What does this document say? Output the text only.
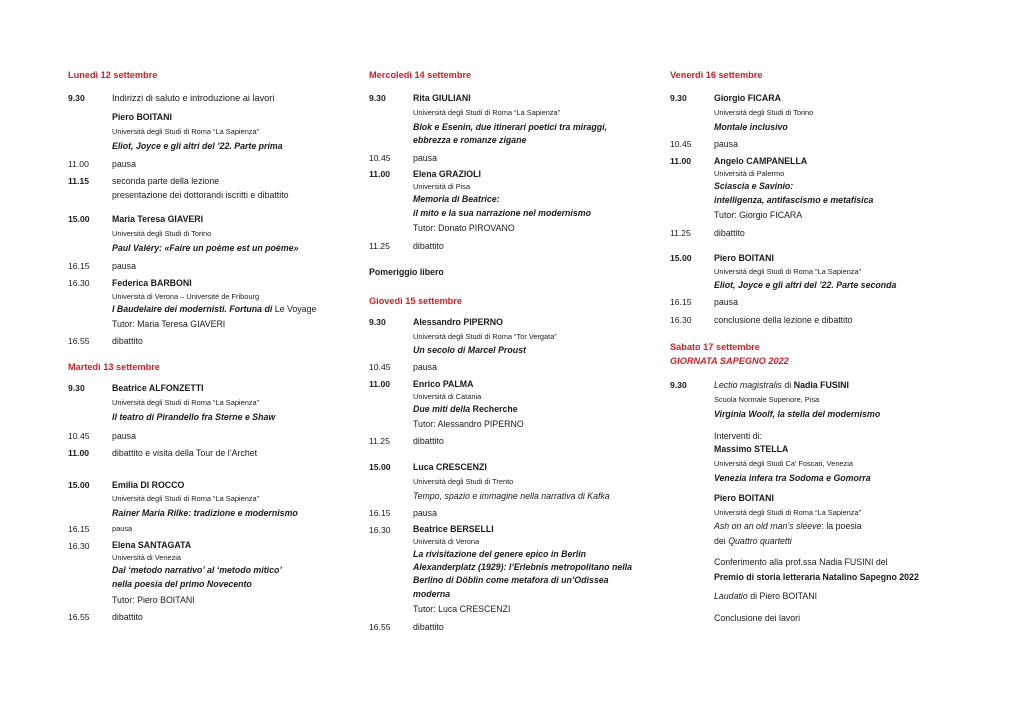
Lunedì 12 settembre
9.30	Indirizzi di saluto e introduzione ai lavori
Piero BOITANI
Università degli Studi di Roma “La Sapienza”
Eliot, Joyce e gli altri del ’22. Parte prima
11.00	pausa
11.15	seconda parte della lezione
presentazione dei dottorandi iscritti e dibattito
15.00	Maria Teresa GIAVERI
Università degli Studi di Torino
Paul Valéry: «Faire un poème est un poème»
16.15	pausa
16.30	Federica BARBONI
Università di Verona – Université de Fribourg
I Baudelaire dei modernisti. Fortuna di Le Voyage
Tutor: Maria Teresa GIAVERI
16.55	dibattito
Martedì 13 settembre
9.30	Beatrice ALFONZETTI
Università degli Studi di Roma “La Sapienza”
Il teatro di Pirandello fra Sterne e Shaw
10.45	pausa
11.00	dibattito e visita della Tour de l’Archet
15.00	Emilia DI ROCCO
Università degli Studi di Roma “La Sapienza”
Rainer Maria Rilke: tradizione e modernismo
16.15	pausa
16.30	Elena SANTAGATA
Università di Venezia
Dal ‘metodo narrativo’ al ‘metodo mitico’
nella poesia del primo Novecento
Tutor: Piero BOITANI
16.55	dibattito
Mercoledì 14 settembre
9.30	Rita GIULIANI
Università degli Studi di Roma “La Sapienza”
Blok e Esenin, due itinerari poetici tra miraggi,
ebbrezza e romanze zigane
10.45	pausa
11.00	Elena GRAZIOLI
Università di Pisa
Memoria di Beatrice:
il mito e la sua narrazione nel modernismo
Tutor: Donato PIROVANO
11.25	dibattito
Pomeriggio libero
Giovedì 15 settembre
9.30	Alessandro PIPERNO
Università degli Studi di Roma “Tor Vergata”
Un secolo di Marcel Proust
10.45	pausa
11.00	Enrico PALMA
Università di Catania
Due miti della Recherche
Tutor: Alessandro PIPERNO
11.25	dibattito
15.00	Luca CRESCENZI
Università degli Studi di Trento
Tempo, spazio e immagine nella narrativa di Kafka
16.15	pausa
16.30	Beatrice BERSELLI
Università di Verona
La rivisitazione del genere epico in Berlin
Alexanderplatz (1929): l’Erlebnis metropolitano nella
Berlino di Döblin come metafora di un’Odissea
moderna
Tutor: Luca CRESCENZI
16.55	dibattito
Venerdì 16 settembre
9.30	Giorgio FICARA
Università degli Studi di Torino
Montale inclusivo
10.45	pausa
11.00	Angelo CAMPANELLA
Università di Palermo
Sciascia e Savinio:
intelligenza, antifascismo e metafisica
Tutor: Giorgio FICARA
11.25	dibattito
15.00	Piero BOITANI
Università degli Studi di Roma “La Sapienza”
Eliot, Joyce e gli altri del ’22. Parte seconda
16.15	pausa
16.30	conclusione della lezione e dibattito
Sabato 17 settembre
GIORNATA SAPEGNO 2022
9.30	Lectio magistralis di Nadia FUSINI
Scuola Normale Superiore, Pisa
Virginia Woolf, la stella del modernismo
Interventi di:
Massimo STELLA
Università degli Studi Ca’ Foscari, Venezia
Venezia infera tra Sodoma e Gomorra
Piero BOITANI
Università degli Studi di Roma “La Sapienza”
Ash on an old man’s sleeve: la poesia
dei Quattro quartetti
Conferimento alla prof.ssa Nadia FUSINI del
Premio di storia letteraria Natalino Sapegno 2022
Laudatio di Piero BOITANI
Conclusione dei lavori
